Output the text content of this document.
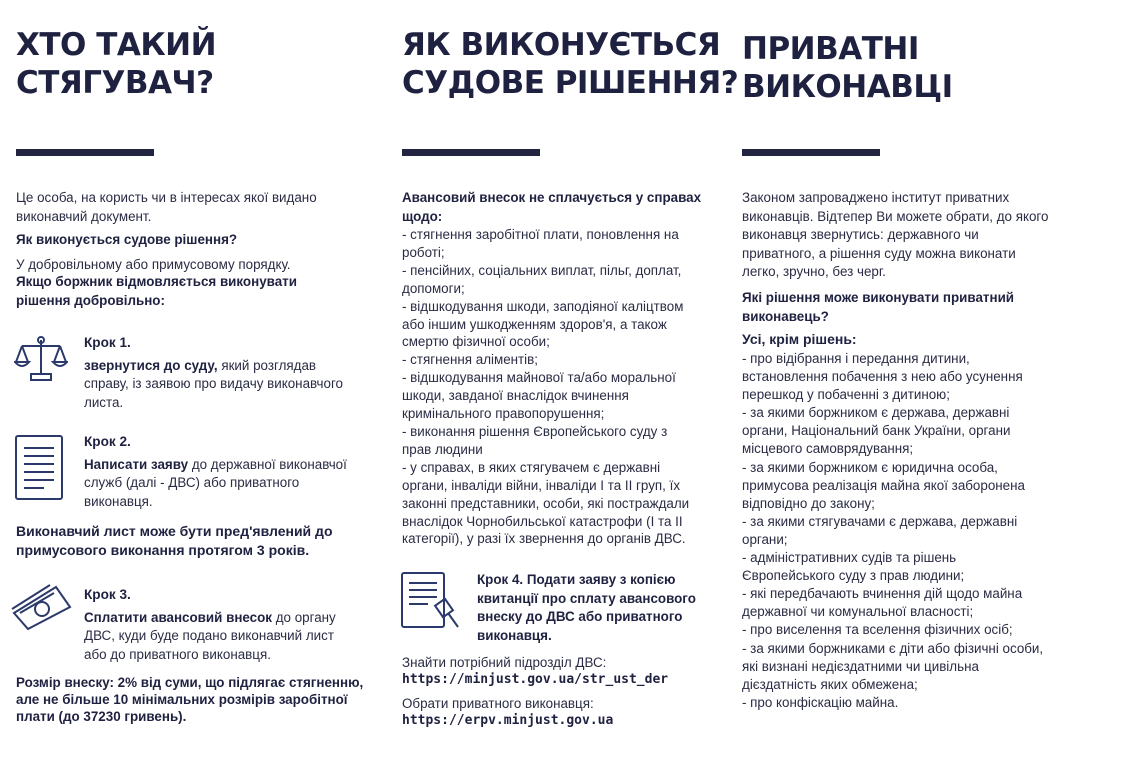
ХТО ТАКИЙ
СТЯГУВАЧ?
Це особа, на користь чи в інтересах якої видано
виконавчий документ.
Як виконується судове рішення?
У добровільному або примусовому порядку.
Якщо боржник відмовляється виконувати
рішення добровільно:
Крок 1.
звернутися до суду, який розглядав
справу, із заявою про видачу виконавчого
листа.
Крок 2.
Написати заяву до державної виконавчої
служб (далі - ДВС) або приватного
виконавця.
Виконавчий лист може бути пред'явлений до
примусового виконання протягом 3 років.
Крок 3.
Сплатити авансовий внесок до органу
ДВС, куди буде подано виконавчий лист
або до приватного виконавця.
Розмір внеску: 2% від суми, що підлягає стягненню,
але не більше 10 мінімальних розмірів заробітної
плати (до 37230 гривень).
ЯК ВИКОНУЄТЬСЯ
СУДОВЕ РІШЕННЯ?
Авансовий внесок не сплачується у справах
щодо:
- стягнення заробітної плати, поновлення на
роботі;
- пенсійних, соціальних виплат, пільг, доплат,
допомоги;
- відшкодування шкоди, заподіяної каліцтвом
або іншим ушкодженням здоров'я, а також
смертю фізичної особи;
- стягнення аліментів;
- відшкодування майнової та/або моральної
шкоди, завданої внаслідок вчинення
кримінального правопорушення;
- виконання рішення Європейського суду з
прав людини
- у справах, в яких стягувачем є державні
органи, інваліди війни, інваліди I та II груп, їх
законні представники, особи, які постраждали
внаслідок Чорнобильської катастрофи (I та II
категорії), у разі їх звернення до органів ДВС.
Крок 4. Подати заяву з копією
квитанції про сплату авансового
внеску до ДВС або приватного
виконавця.
Знайти потрібний підрозділ ДВС:
https://minjust.gov.ua/str_ust_der
Обрати приватного виконавця:
https://erpv.minjust.gov.ua
ПРИВАТНІ
ВИКОНАВЦІ
Законом запроваджено інститут приватних
виконавців. Відтепер Ви можете обрати, до якого
виконавця звернутись: державного чи
приватного, а рішення суду можна виконати
легко, зручно, без черг.
Які рішення може виконувати приватний
виконавець?
Усі, крім рішень:
- про відібрання і передання дитини,
встановлення побачення з нею або усунення
перешкод у побаченні з дитиною;
- за якими боржником є держава, державні
органи, Національний банк України, органи
місцевого самоврядування;
- за якими боржником є юридична особа,
примусова реалізація майна якої заборонена
відповідно до закону;
- за якими стягувачами є держава, державні
органи;
- адміністративних судів та рішень
Європейського суду з прав людини;
- які передбачають вчинення дій щодо майна
державної чи комунальної власності;
- про виселення та вселення фізичних осіб;
- за якими боржниками є діти або фізичні особи,
які визнані недієздатними чи цивільна
дієздатність яких обмежена;
- про конфіскацію майна.
